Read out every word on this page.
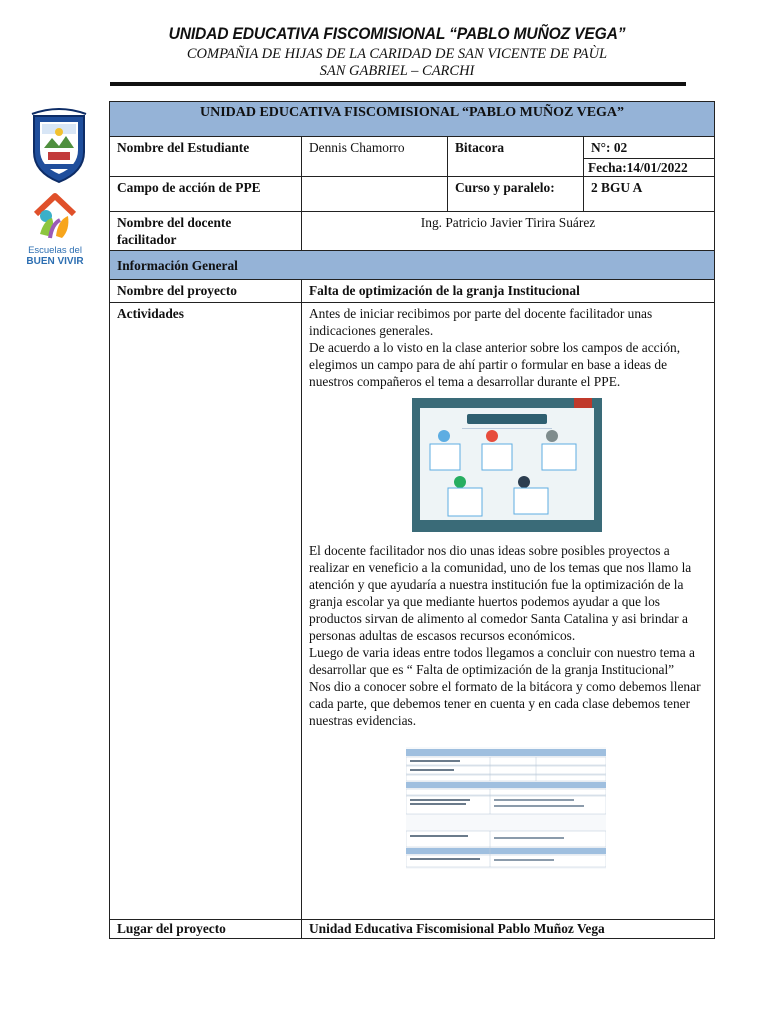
UNIDAD EDUCATIVA FISCOMISIONAL “PABLO MUÑOZ VEGA”
COMPAÑIA DE HIJAS DE LA CARIDAD DE SAN VICENTE DE PAÙL
SAN GABRIEL – CARCHI
Escuelas del
BUEN VIVIR
UNIDAD EDUCATIVA FISCOMISIONAL “PABLO MUÑOZ VEGA”			
Nombre del Estudiante	Dennis Chamorro	Bitacora	N°: 02
			Fecha:14/01/2022
Campo de acción de PPE		Curso y paralelo:	2 BGU A
Nombre del docente facilitador	Ing. Patricio Javier Tirira Suárez		
Información General			
Nombre del proyecto	Falta de optimización de la granja Institucional		
Actividades	Antes de iniciar recibimos por parte del docente facilitador unas indicaciones generales.
De acuerdo a lo visto en la clase anterior sobre los campos de acción, elegimos un campo para de ahí partir o formular en base a ideas de nuestros compañeros el tema a desarrollar durante el PPE.
El docente facilitador nos dio unas ideas sobre posibles proyectos a realizar en veneficio a la comunidad, uno de los temas que nos llamo la atención y que ayudaría a nuestra institución fue la optimización de la granja escolar ya que mediante huertos podemos ayudar a que los productos sirvan de alimento al comedor Santa Catalina y asi brindar a personas adultas de escasos recursos económicos.
Luego de varia ideas entre todos llegamos a concluir con nuestro tema a desarrollar que es “ Falta de optimización de la granja Institucional”
Nos dio a conocer sobre el formato de la bitácora y como debemos llenar cada parte, que debemos tener en cuenta y en cada clase debemos tener nuestras evidencias.		

Lugar del proyecto	Unidad Educativa Fiscomisional Pablo Muñoz Vega		
